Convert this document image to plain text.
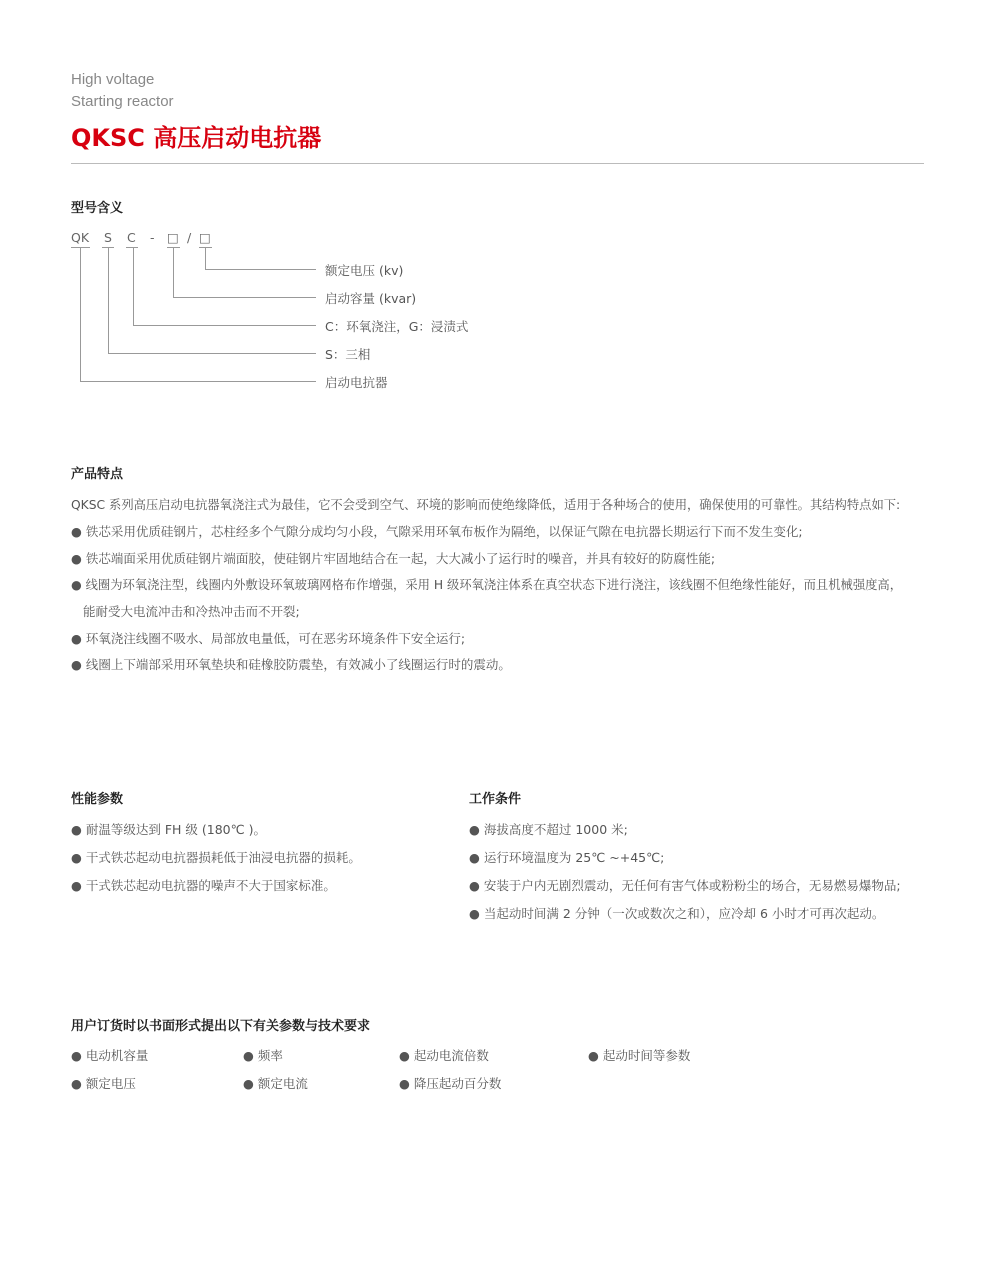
High voltage
Starting reactor
QKSC 高压启动电抗器
型号含义
QK S C - □ / □
额定电压 (kv)
启动容量 (kvar)
C：环氧浇注，G：浸渍式
S：三相
启动电抗器
产品特点
QKSC 系列高压启动电抗器氧浇注式为最佳，它不会受到空气、环境的影响而使绝缘降低，适用于各种场合的使用，确保使用的可靠性。其结构特点如下:
● 铁芯采用优质硅钢片，芯柱经多个气隙分成均匀小段，气隙采用环氧布板作为隔绝，以保证气隙在电抗器长期运行下而不发生变化;
● 铁芯端面采用优质硅钢片端面胶，使硅钢片牢固地结合在一起，大大减小了运行时的噪音，并具有较好的防腐性能;
● 线圈为环氧浇注型，线圈内外敷设环氧玻璃网格布作增强，采用 H 级环氧浇注体系在真空状态下进行浇注，该线圈不但绝缘性能好，而且机械强度高，
能耐受大电流冲击和冷热冲击而不开裂;
● 环氧浇注线圈不吸水、局部放电量低，可在恶劣环境条件下安全运行;
● 线圈上下端部采用环氧垫块和硅橡胶防震垫，有效减小了线圈运行时的震动。
性能参数
● 耐温等级达到 FH 级 (180℃ )。
● 干式铁芯起动电抗器损耗低于油浸电抗器的损耗。
● 干式铁芯起动电抗器的噪声不大于国家标准。
工作条件
● 海拔高度不超过 1000 米;
● 运行环境温度为 25℃ ~+45℃;
● 安装于户内无剧烈震动，无任何有害气体或粉粉尘的场合，无易燃易爆物品;
● 当起动时间满 2 分钟（一次或数次之和），应冷却 6 小时才可再次起动。
用户订货时以书面形式提出以下有关参数与技术要求
● 电动机容量	● 频率	● 起动电流倍数	● 起动时间等参数
● 额定电压	● 额定电流	● 降压起动百分数
